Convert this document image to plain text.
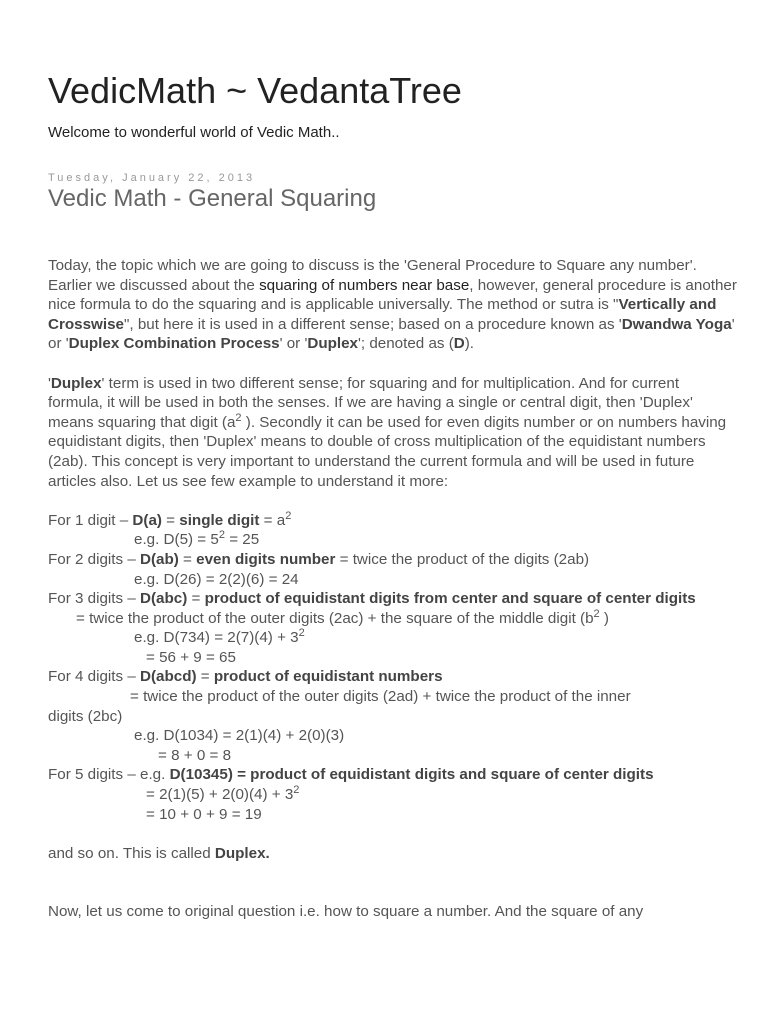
VedicMath ~ VedantaTree

Welcome to wonderful world of Vedic Math..

Tuesday, January 22, 2013

Vedic Math - General Squaring

Today, the topic which we are going to discuss is the 'General Procedure to Square any number'. Earlier we discussed about the squaring of numbers near base, however, general procedure is another nice formula to do the squaring and is applicable universally. The method or sutra is "Vertically and Crosswise", but here it is used in a different sense; based on a procedure known as 'Dwandwa Yoga' or 'Duplex Combination Process' or 'Duplex'; denoted as (D).

'Duplex' term is used in two different sense; for squaring and for multiplication. And for current formula, it will be used in both the senses. If we are having a single or central digit, then 'Duplex' means squaring that digit ($a^2$ ). Secondly it can be used for even digits number or on numbers having equidistant digits, then 'Duplex' means to double of cross multiplication of the equidistant numbers (2ab). This concept is very important to understand the current formula and will be used in future articles also. Let us see few example to understand it more:

For 1 digit – D(a) = single digit = $a^2$

e.g. $D(5) = 5^2 = 25$

For 2 digits – D(ab) = even digits number = twice the product of the digits (2ab)

e.g. D(26) = 2(2)(6) = 24

For 3 digits – D(abc) = product of equidistant digits from center and square of center digits

= twice the product of the outer digits (2ac) + the square of the middle digit ($b^2$ )

e.g. $D(734) = 2(7)(4) + 3^2$

= 56 + 9 = 65

For 4 digits – D(abcd) = product of equidistant numbers

= twice the product of the outer digits (2ad) + twice the product of the inner

digits (2bc)

e.g. D(1034) = 2(1)(4) + 2(0)(3)

= 8 + 0 = 8

For 5 digits – e.g. D(10345) = product of equidistant digits and square of center digits

= $2(1)(5) + 2(0)(4) + 3^2$

= 10 + 0 + 9 = 19

and so on. This is called Duplex.

Now, let us come to original question i.e. how to square a number. And the square of any
